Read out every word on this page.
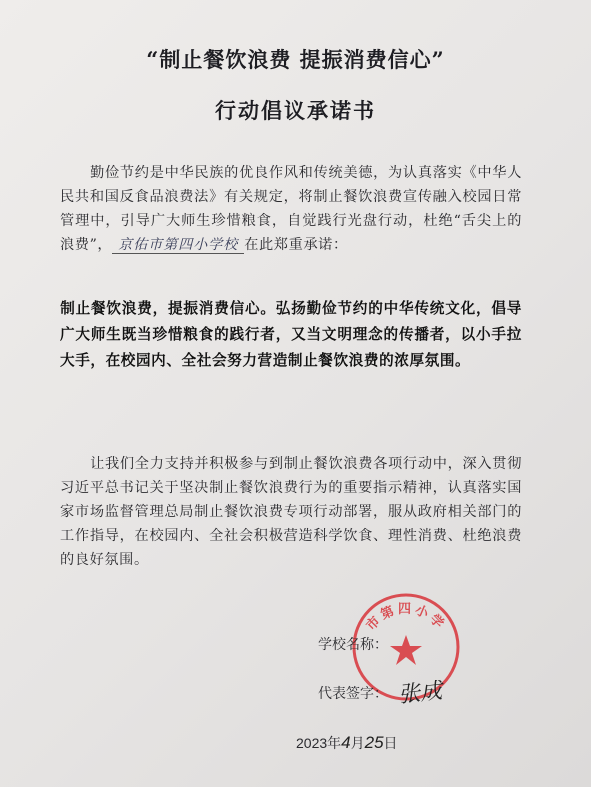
“制止餐饮浪费 提振消费信心”
行动倡议承诺书

勤俭节约是中华民族的优良作风和传统美德，为认真落实《中华人民共和国反食品浪费法》有关规定，将制止餐饮浪费宣传融入校园日常管理中，引导广大师生珍惜粮食，自觉践行光盘行动，杜绝“舌尖上的浪费”， 京佑市第四小学校 在此郑重承诺：

制止餐饮浪费，提振消费信心。弘扬勤俭节约的中华传统文化，倡导广大师生既当珍惜粮食的践行者，又当文明理念的传播者，以小手拉大手，在校园内、全社会努力营造制止餐饮浪费的浓厚氛围。

让我们全力支持并积极参与到制止餐饮浪费各项行动中，深入贯彻习近平总书记关于坚决制止餐饮浪费行为的重要指示精神，认真落实国家市场监督管理总局制止餐饮浪费专项行动部署，服从政府相关部门的工作指导，在校园内、全社会积极营造科学饮食、理性消费、杜绝浪费的良好氛围。

市第四小学
学校名称：
代表签字： 张成
2023年4月25日
